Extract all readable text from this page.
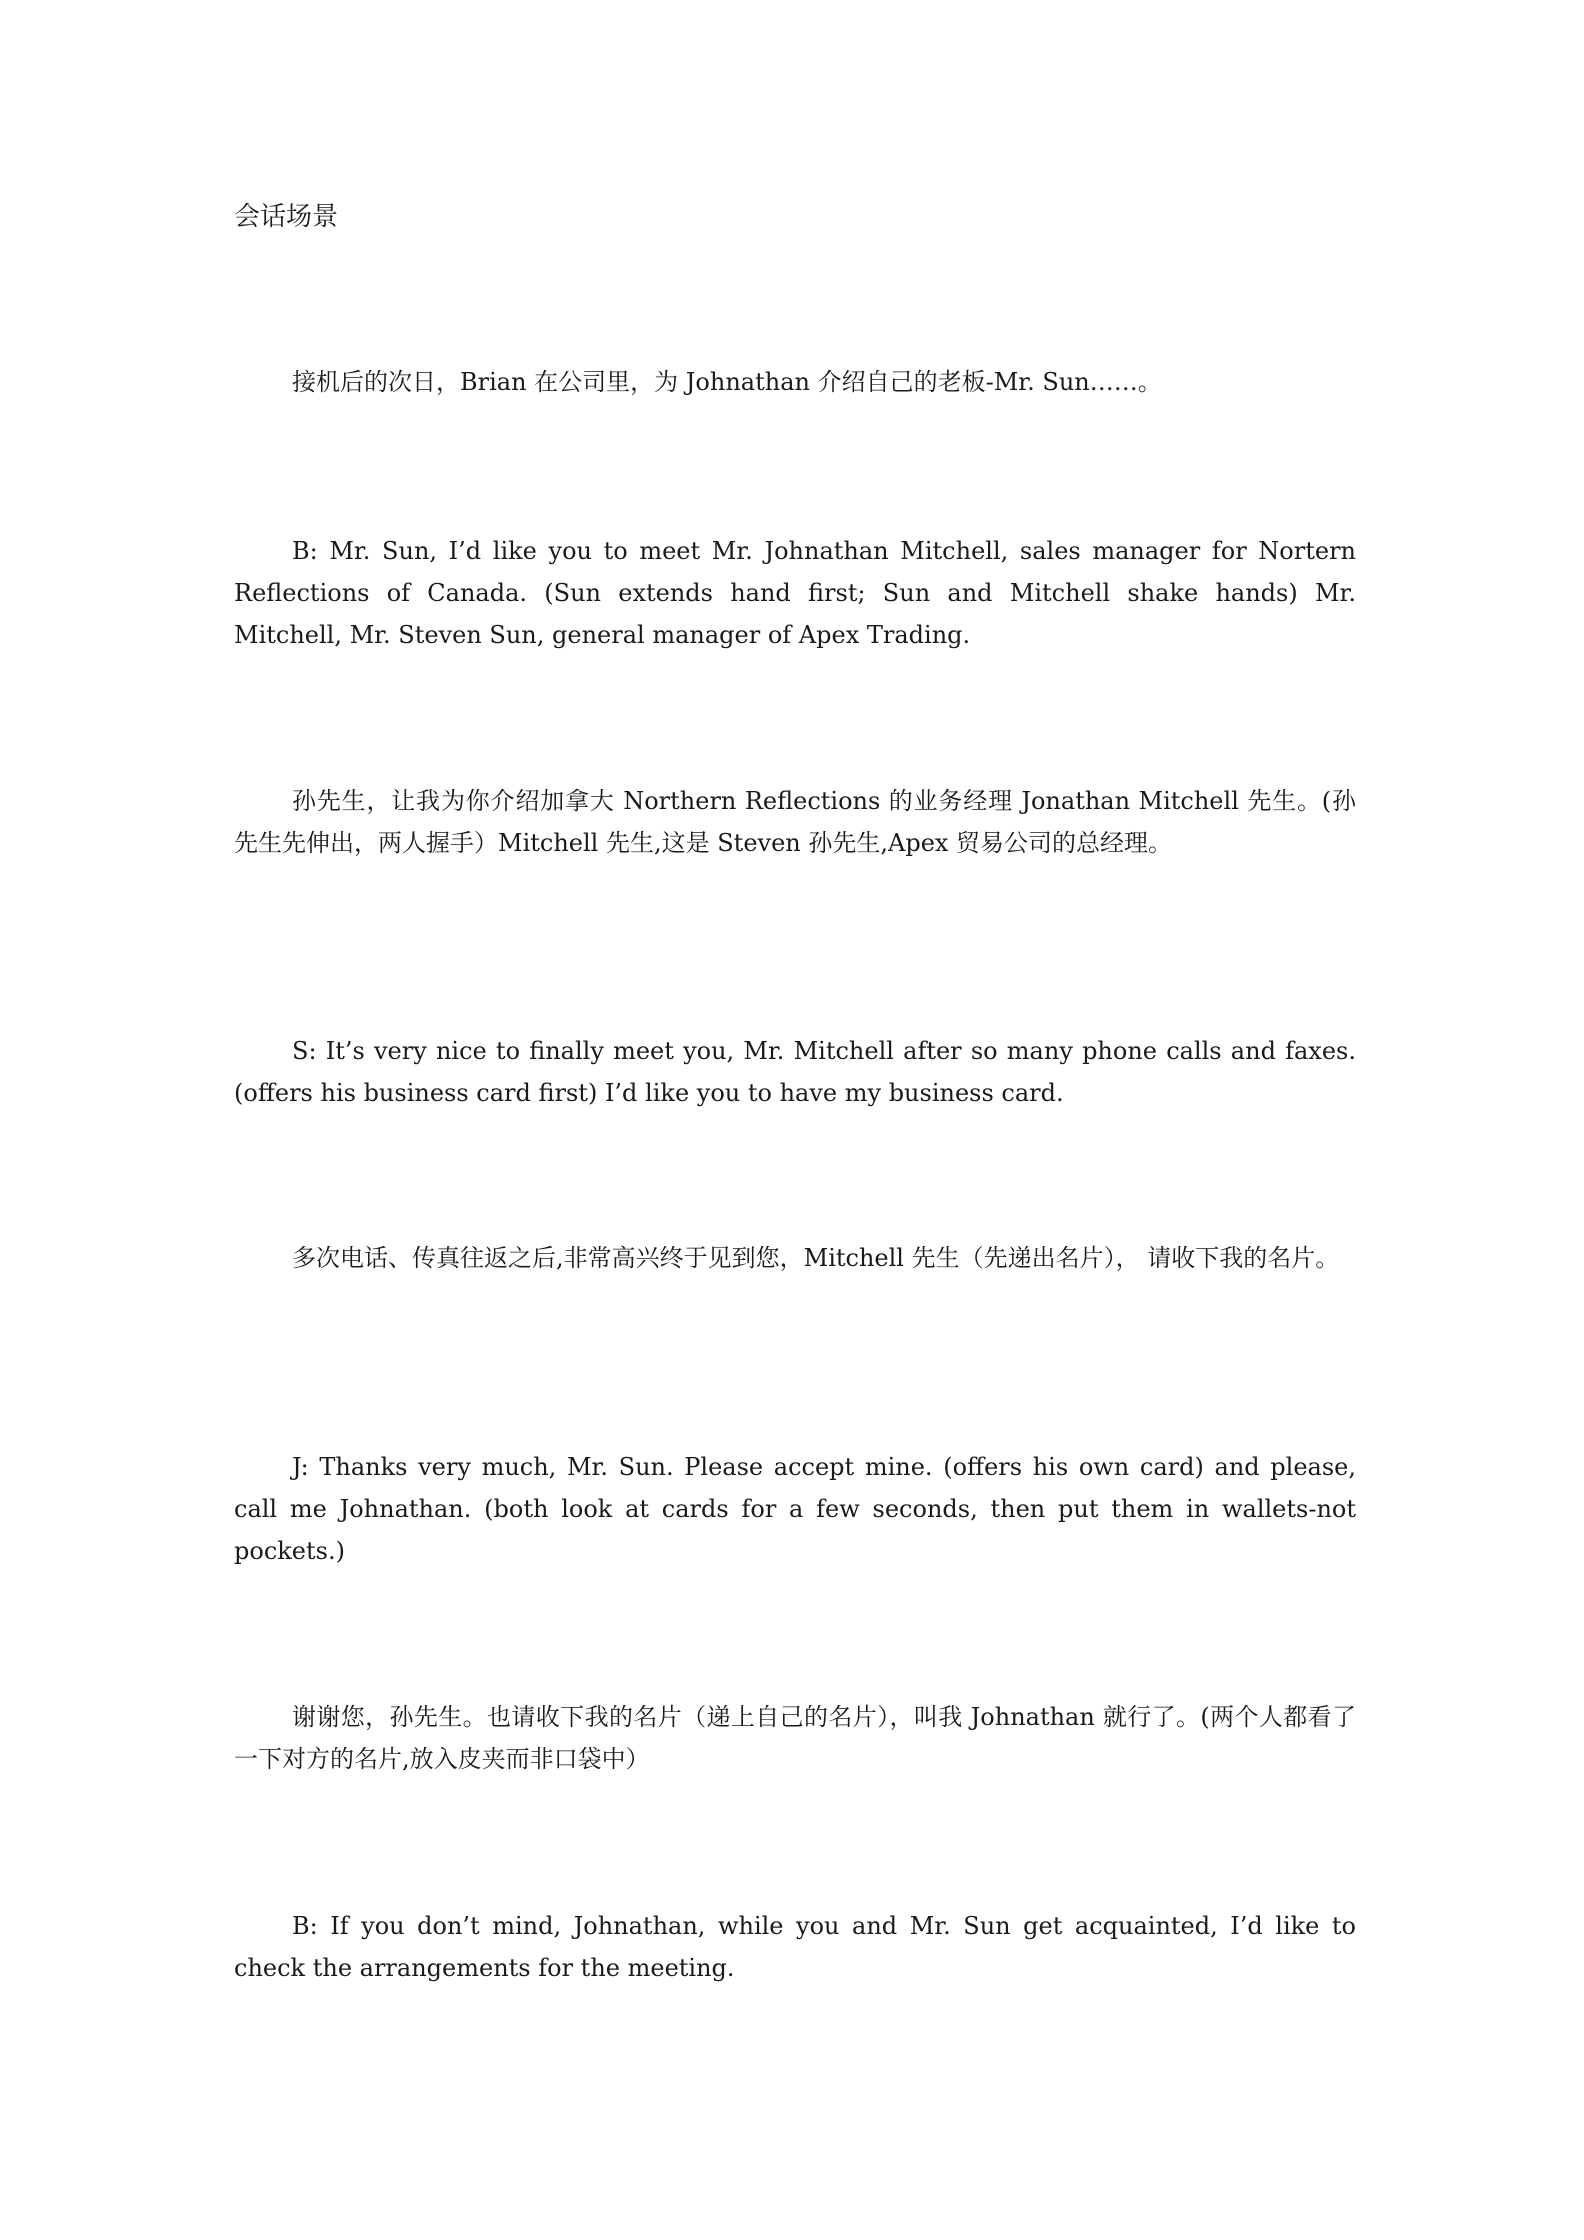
会话场景

接机后的次日，Brian 在公司里，为 Johnathan 介绍自己的老板-Mr. Sun……。

B: Mr. Sun, I’d like you to meet Mr. Johnathan Mitchell, sales manager for Nortern Reflections of Canada. (Sun extends hand first; Sun and Mitchell shake hands) Mr. Mitchell, Mr. Steven Sun, general manager of Apex Trading.

孙先生，让我为你介绍加拿大 Northern Reflections 的业务经理 Jonathan Mitchell 先生。(孙先生先伸出，两人握手）Mitchell 先生,这是 Steven 孙先生,Apex 贸易公司的总经理。

S: It’s very nice to finally meet you, Mr. Mitchell after so many phone calls and faxes. (offers his business card first) I’d like you to have my business card.

多次电话、传真往返之后,非常高兴终于见到您，Mitchell 先生（先递出名片）， 请收下我的名片。

J: Thanks very much, Mr. Sun. Please accept mine. (offers his own card) and please, call me Johnathan. (both look at cards for a few seconds, then put them in wallets-not pockets.)

谢谢您，孙先生。也请收下我的名片（递上自己的名片），叫我 Johnathan 就行了。(两个人都看了一下对方的名片,放入皮夹而非口袋中）

B: If you don’t mind, Johnathan, while you and Mr. Sun get acquainted, I’d like to check the arrangements for the meeting.
